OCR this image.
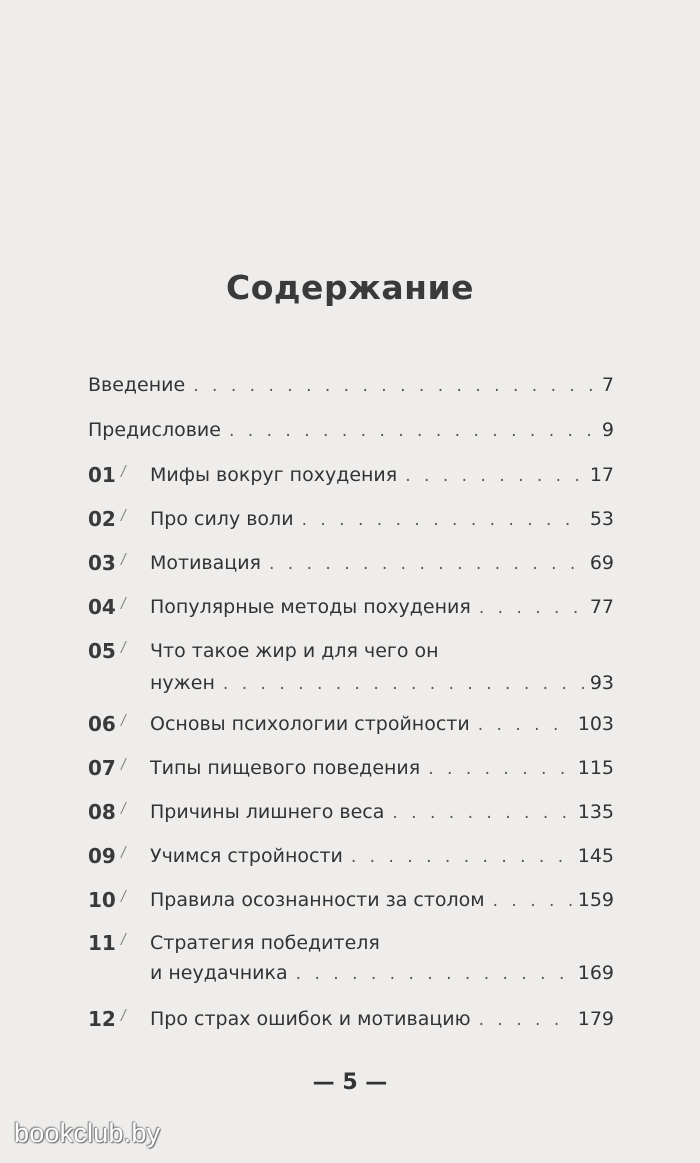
Содержание
Введение . . .	7
Предисловие . . .	9
01 Мифы вокруг похудения . . .	17
02 Про силу воли . . .	53
03 Мотивация . . .	69
04 Популярные методы похудения . . .	77
05	Что такое жир и для чего он
нужен . . .	93
06 Основы психологии стройности . . .	103
07 Типы пищевого поведения . . .	115
08 Причины лишнего веса . . .	135
09 Учимся стройности . . .	145
10 Правила осознанности за столом . . .	159
11	Стратегия победителя
и неудачника . . .	169
12 Про страх ошибок и мотивацию . . .	179
— 5 —
bookclub.by
